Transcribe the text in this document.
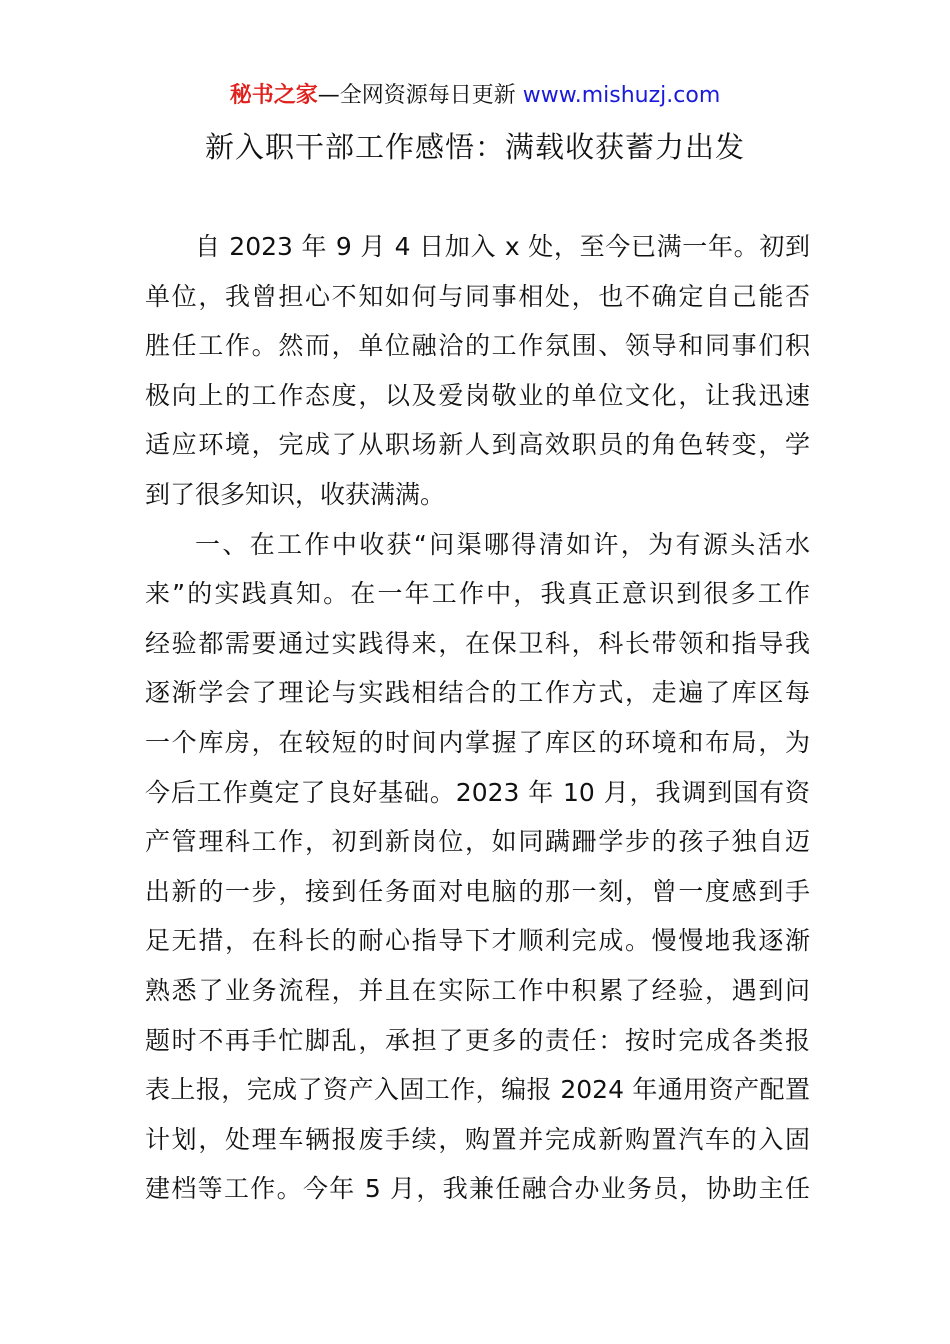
秘书之家—全网资源每日更新 www.mishuzj.com
新入职干部工作感悟：满载收获蓄力出发
自 2023 年 9 月 4 日加入 x 处，至今已满一年。初到
单位，我曾担心不知如何与同事相处，也不确定自己能否
胜任工作。然而，单位融洽的工作氛围、领导和同事们积
极向上的工作态度，以及爱岗敬业的单位文化，让我迅速
适应环境，完成了从职场新人到高效职员的角色转变，学
到了很多知识，收获满满。
一、在工作中收获“问渠哪得清如许，为有源头活水
来”的实践真知。在一年工作中，我真正意识到很多工作
经验都需要通过实践得来，在保卫科，科长带领和指导我
逐渐学会了理论与实践相结合的工作方式，走遍了库区每
一个库房，在较短的时间内掌握了库区的环境和布局，为
今后工作奠定了良好基础。2023 年 10 月，我调到国有资
产管理科工作，初到新岗位，如同蹒跚学步的孩子独自迈
出新的一步，接到任务面对电脑的那一刻，曾一度感到手
足无措，在科长的耐心指导下才顺利完成。慢慢地我逐渐
熟悉了业务流程，并且在实际工作中积累了经验，遇到问
题时不再手忙脚乱，承担了更多的责任：按时完成各类报
表上报，完成了资产入固工作，编报 2024 年通用资产配置
计划，处理车辆报废手续，购置并完成新购置汽车的入固
建档等工作。今年 5 月，我兼任融合办业务员，协助主任
